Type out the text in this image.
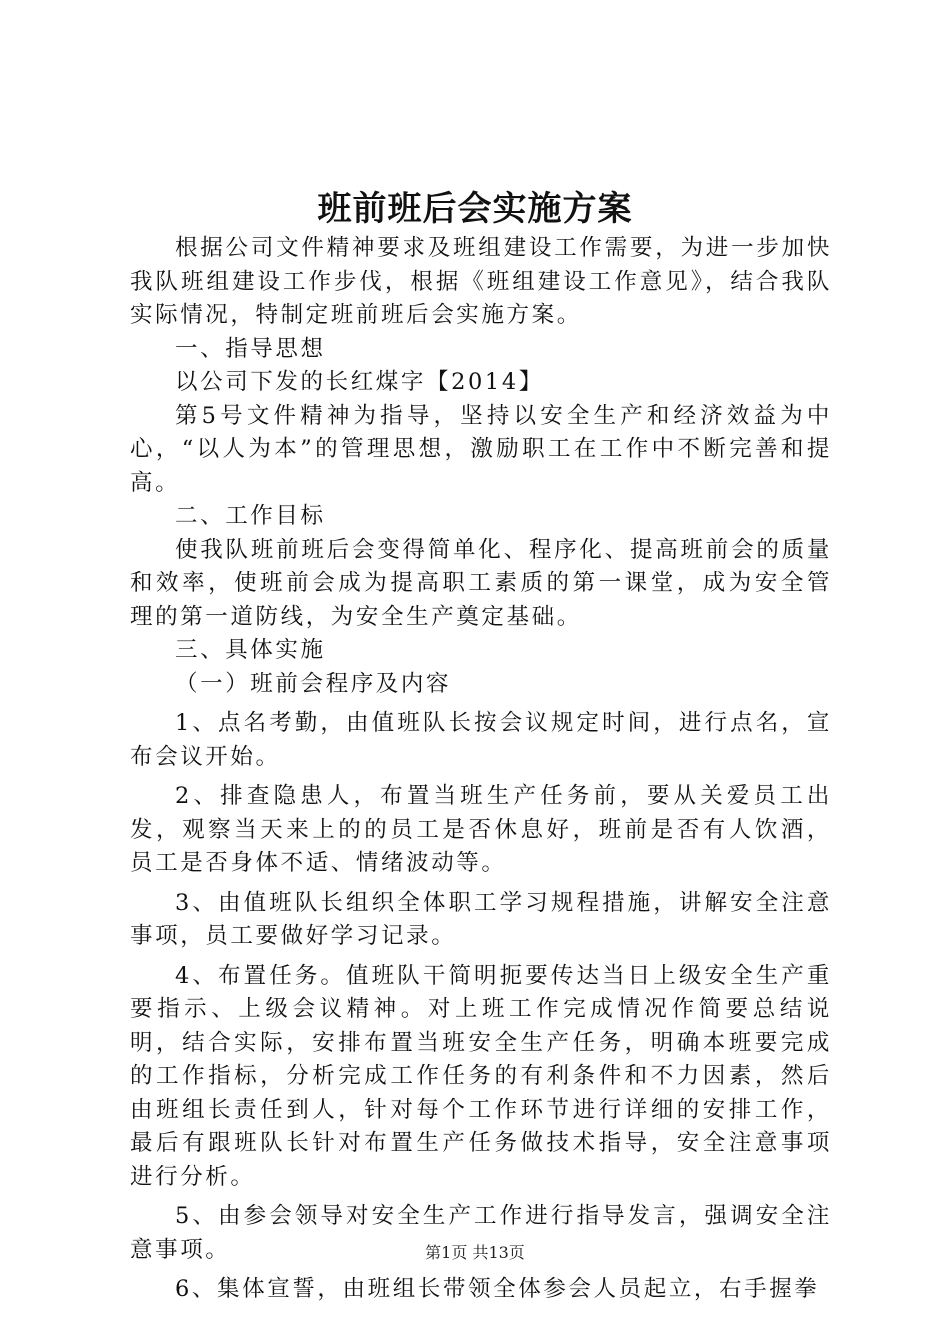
班前班后会实施方案

根据公司文件精神要求及班组建设工作需要，为进一步加快我队班组建设工作步伐，根据《班组建设工作意见》，结合我队实际情况，特制定班前班后会实施方案。

一、指导思想

以公司下发的长红煤字【2014】

第5号文件精神为指导，坚持以安全生产和经济效益为中心，“以人为本”的管理思想，激励职工在工作中不断完善和提高。

二、工作目标

使我队班前班后会变得简单化、程序化、提高班前会的质量和效率，使班前会成为提高职工素质的第一课堂，成为安全管理的第一道防线，为安全生产奠定基础。

三、具体实施

（一）班前会程序及内容

1、点名考勤，由值班队长按会议规定时间，进行点名，宣布会议开始。

2、排查隐患人，布置当班生产任务前，要从关爱员工出发，观察当天来上的的员工是否休息好，班前是否有人饮酒，员工是否身体不适、情绪波动等。

3、由值班队长组织全体职工学习规程措施，讲解安全注意事项，员工要做好学习记录。

4、布置任务。值班队干简明扼要传达当日上级安全生产重要指示、上级会议精神。对上班工作完成情况作简要总结说明，结合实际，安排布置当班安全生产任务，明确本班要完成的工作指标，分析完成工作任务的有利条件和不力因素，然后由班组长责任到人，针对每个工作环节进行详细的安排工作，最后有跟班队长针对布置生产任务做技术指导，安全注意事项进行分析。

5、由参会领导对安全生产工作进行指导发言，强调安全注意事项。

6、集体宣誓，由班组长带领全体参会人员起立，右手握拳

第1页 共13页
